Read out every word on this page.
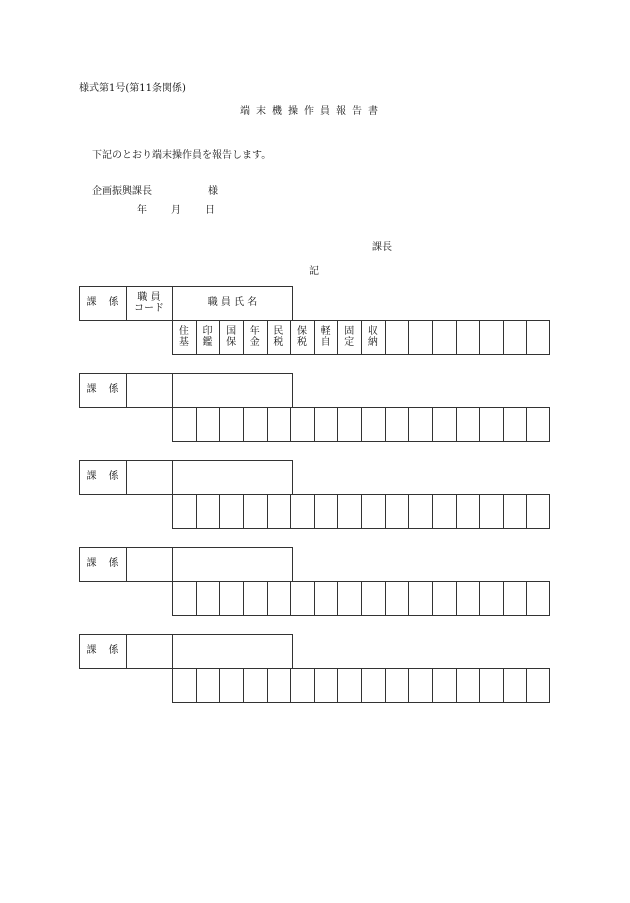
様式第1号(第11条関係)
端末機操作員報告書
下記のとおり端末操作員を報告します。
企画振興課長	様
年 月 日
課長
記
課 係 職 員
コード	職 員 氏 名
住
基
印
鑑
国
保
年
金
民
税
保
税
軽
自
固
定
収
納
課 係
課 係
課 係
課 係
